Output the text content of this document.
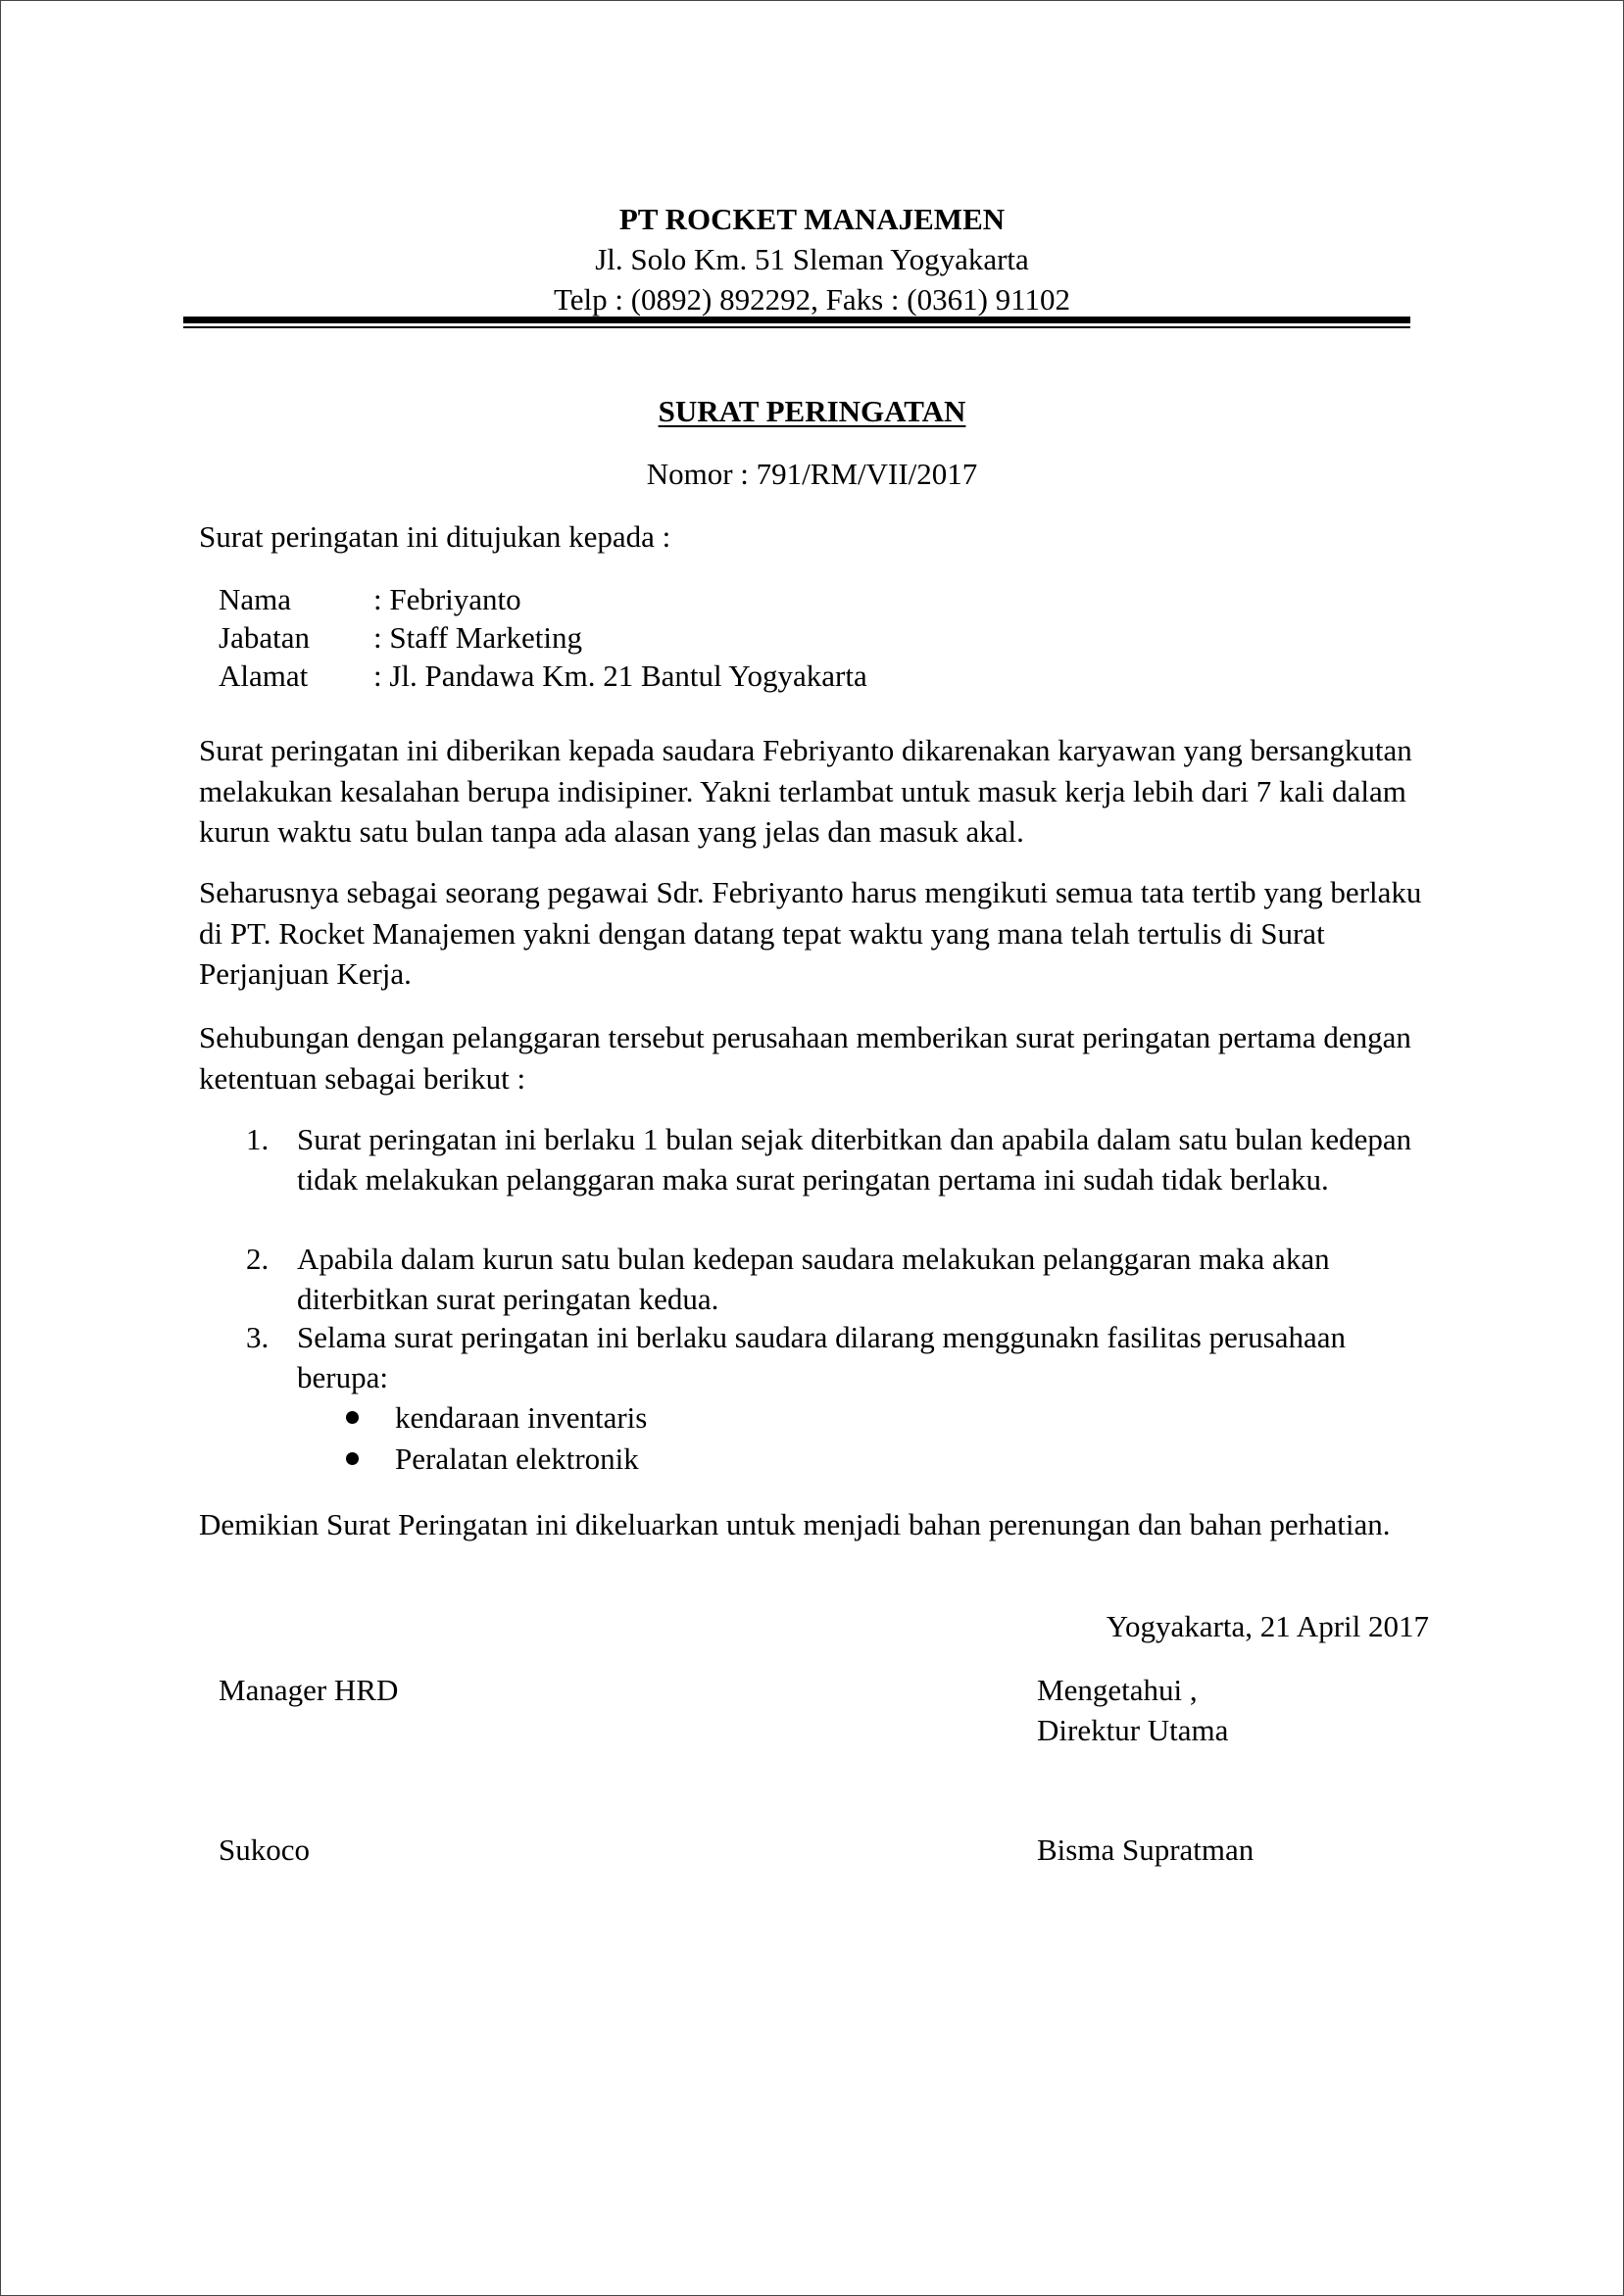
PT ROCKET MANAJEMEN
Jl. Solo Km. 51 Sleman Yogyakarta
Telp : (0892) 892292, Faks : (0361) 91102
SURAT PERINGATAN
Nomor : 791/RM/VII/2017
Surat peringatan ini ditujukan kepada :
Nama	: Febriyanto
Jabatan : Staff Marketing
Alamat : Jl. Pandawa Km. 21 Bantul Yogyakarta
Surat peringatan ini diberikan kepada saudara Febriyanto dikarenakan karyawan yang bersangkutan melakukan kesalahan berupa indisipiner. Yakni terlambat untuk masuk kerja lebih dari 7 kali dalam kurun waktu satu bulan tanpa ada alasan yang jelas dan masuk akal.
Seharusnya sebagai seorang pegawai Sdr. Febriyanto harus mengikuti semua tata tertib yang berlaku di PT. Rocket Manajemen yakni dengan datang tepat waktu yang mana telah tertulis di Surat Perjanjuan Kerja.
Sehubungan dengan pelanggaran tersebut perusahaan memberikan surat peringatan pertama dengan ketentuan sebagai berikut :
1. Surat peringatan ini berlaku 1 bulan sejak diterbitkan dan apabila dalam satu bulan kedepan tidak melakukan pelanggaran maka surat peringatan pertama ini sudah tidak berlaku.
2. Apabila dalam kurun satu bulan kedepan saudara melakukan pelanggaran maka akan diterbitkan surat peringatan kedua.
3. Selama surat peringatan ini berlaku saudara dilarang menggunakn fasilitas perusahaan berupa:
kendaraan inventaris
Peralatan elektronik
Demikian Surat Peringatan ini dikeluarkan untuk menjadi bahan perenungan dan bahan perhatian.
Yogyakarta, 21 April 2017
Manager HRD	Mengetahui ,
Direktur Utama
Sukoco	Bisma Supratman
